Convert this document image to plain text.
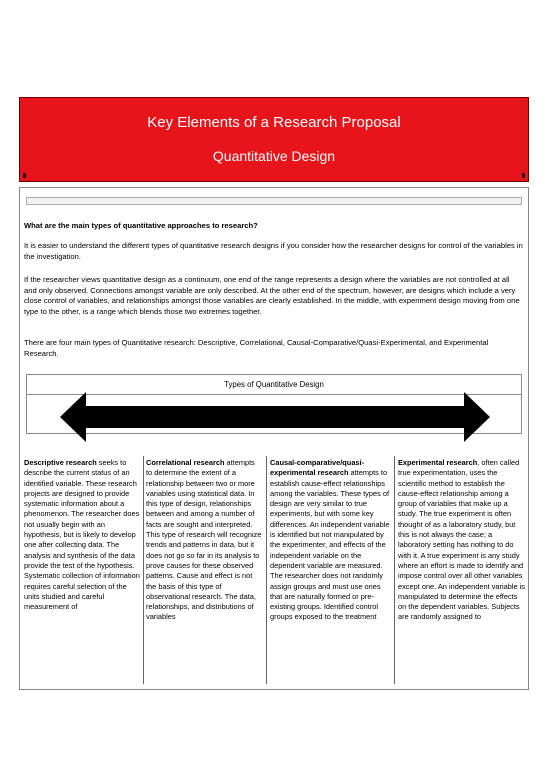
Key Elements of a Research Proposal
Quantitative Design
What are the main types of quantitative approaches to research?
It is easier to understand the different types of quantitative research designs if you consider how the researcher designs for control of the variables in the investigation.
If the researcher views quantitative design as a continuum, one end of the range represents a design where the variables are not controlled at all and only observed. Connections amongst variable are only described. At the other end of the spectrum, however, are designs which include a very close control of variables, and relationships amongst those variables are clearly established. In the middle, with experiment design moving from one type to the other, is a range which blends those two extremes together.
There are four main types of Quantitative research: Descriptive, Correlational, Causal-Comparative/Quasi-Experimental, and Experimental Research.
Types of Quantitative Design
Descriptive research seeks to describe the current status of an identified variable. These research projects are designed to provide systematic information about a phenomenon. The researcher does not usually begin with an hypothesis, but is likely to develop one after collecting data. The analysis and synthesis of the data provide the test of the hypothesis. Systematic collection of information requires careful selection of the units studied and careful measurement of
Correlational research attempts to determine the extent of a relationship between two or more variables using statistical data. In this type of design, relationships between and among a number of facts are sought and interpreted. This type of research will recognize trends and patterns in data, but it does not go so far in its analysis to prove causes for these observed patterns. Cause and effect is not the basis of this type of observational research. The data, relationships, and distributions of variables
Causal-comparative/quasi-experimental research attempts to establish cause-effect relationships among the variables. These types of design are very similar to true experiments, but with some key differences. An independent variable is identified but not manipulated by the experimenter, and effects of the independent variable on the dependent variable are measured. The researcher does not randomly assign groups and must use ones that are naturally formed or pre-existing groups. Identified control groups exposed to the treatment
Experimental research, often called true experimentation, uses the scientific method to establish the cause-effect relationship among a group of variables that make up a study. The true experiment is often thought of as a laboratory study, but this is not always the case; a laboratory setting has nothing to do with it. A true experiment is any study where an effort is made to identify and impose control over all other variables except one. An independent variable is manipulated to determine the effects on the dependent variables. Subjects are randomly assigned to
